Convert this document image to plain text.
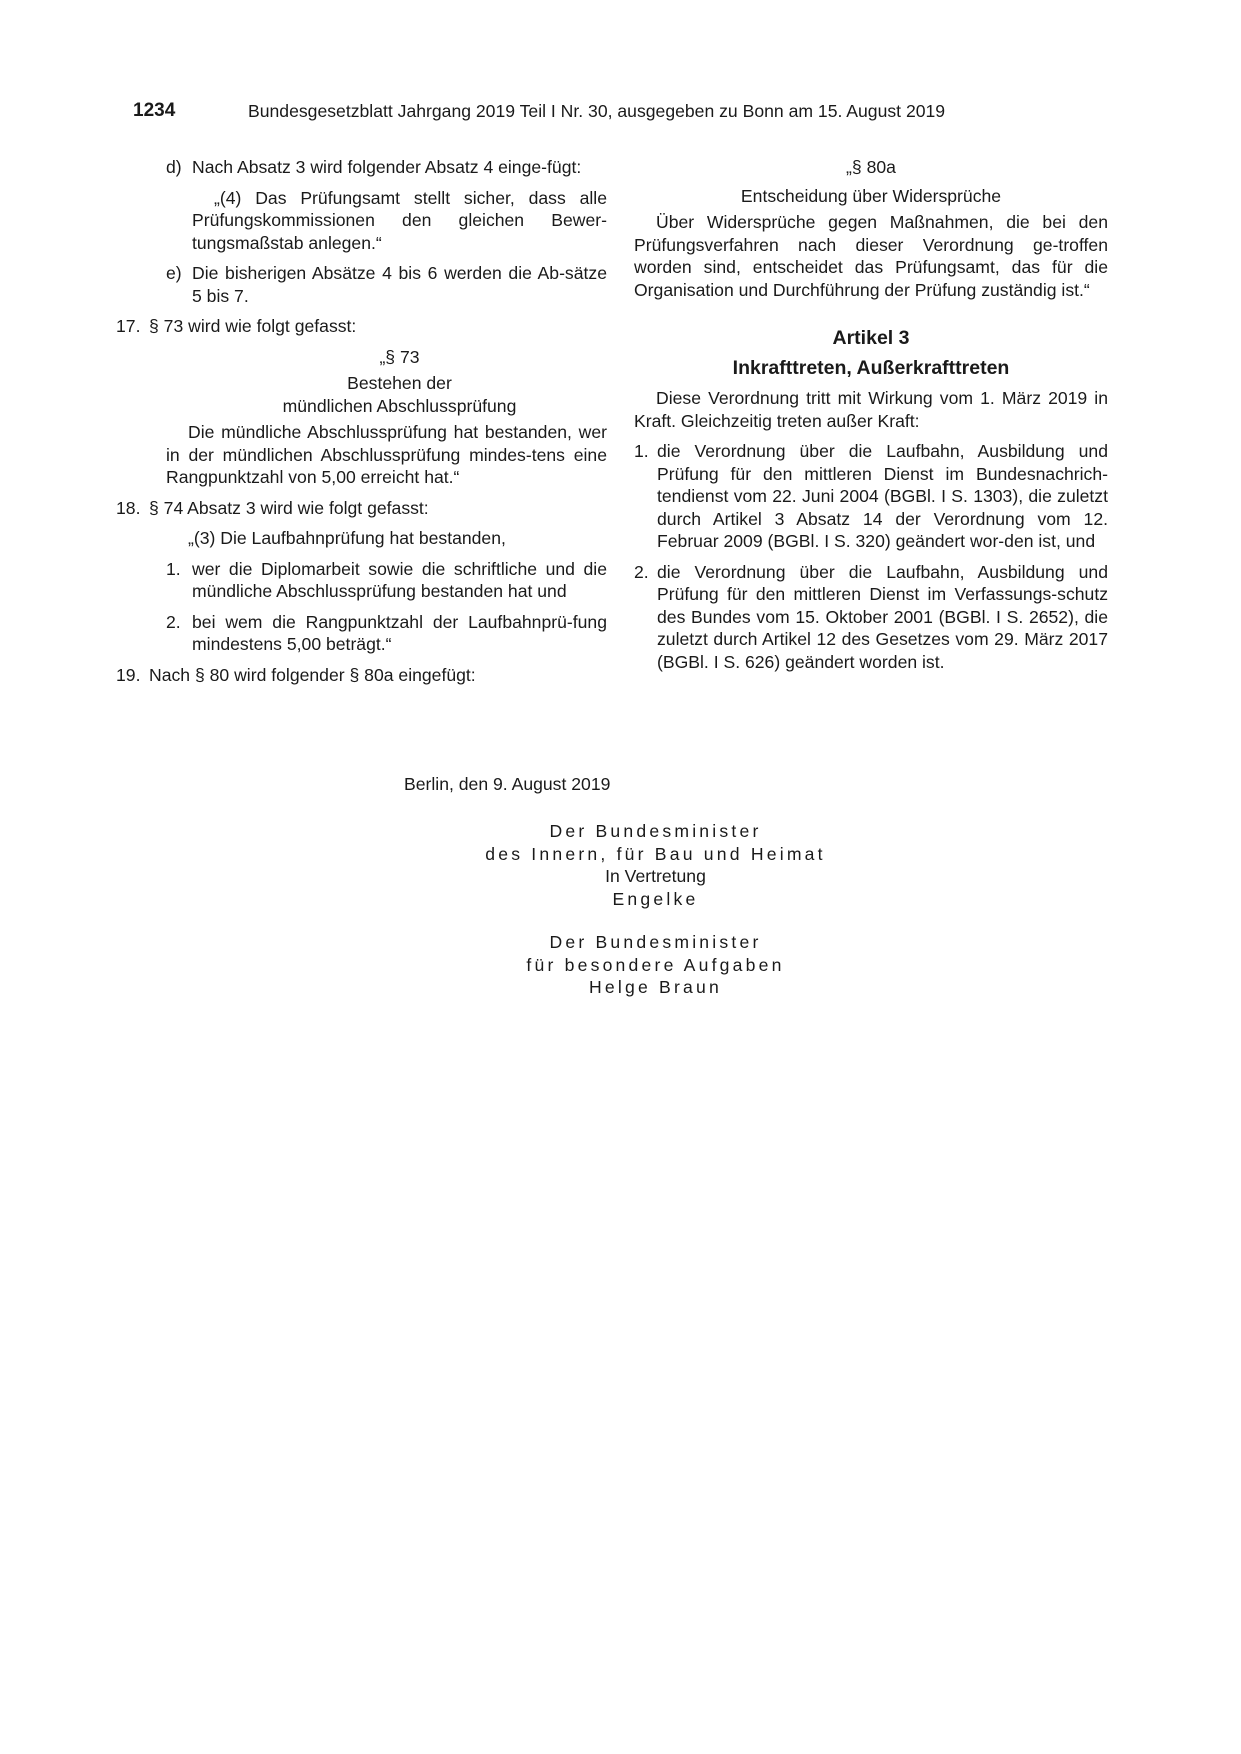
1234	Bundesgesetzblatt Jahrgang 2019 Teil I Nr. 30, ausgegeben zu Bonn am 15. August 2019
d) Nach Absatz 3 wird folgender Absatz 4 einge-fügt:
„(4) Das Prüfungsamt stellt sicher, dass alle Prüfungskommissionen den gleichen Bewer-tungsmaßstab anlegen.“
e) Die bisherigen Absätze 4 bis 6 werden die Ab-sätze 5 bis 7.
17. § 73 wird wie folgt gefasst:
„§ 73
Bestehen der
mündlichen Abschlussprüfung
Die mündliche Abschlussprüfung hat bestanden, wer in der mündlichen Abschlussprüfung mindes-tens eine Rangpunktzahl von 5,00 erreicht hat.“
18. § 74 Absatz 3 wird wie folgt gefasst:
„(3) Die Laufbahnprüfung hat bestanden,
1. wer die Diplomarbeit sowie die schriftliche und die mündliche Abschlussprüfung bestanden hat und
2. bei wem die Rangpunktzahl der Laufbahnprü-fung mindestens 5,00 beträgt.“
19. Nach § 80 wird folgender § 80a eingefügt:
„§ 80a
Entscheidung über Widersprüche
Über Widersprüche gegen Maßnahmen, die bei den Prüfungsverfahren nach dieser Verordnung ge-troffen worden sind, entscheidet das Prüfungsamt, das für die Organisation und Durchführung der Prüfung zuständig ist.“
Artikel 3
Inkrafttreten, Außerkrafttreten
Diese Verordnung tritt mit Wirkung vom 1. März 2019 in Kraft. Gleichzeitig treten außer Kraft:
1. die Verordnung über die Laufbahn, Ausbildung und Prüfung für den mittleren Dienst im Bundesnachrich-tendienst vom 22. Juni 2004 (BGBl. I S. 1303), die zuletzt durch Artikel 3 Absatz 14 der Verordnung vom 12. Februar 2009 (BGBl. I S. 320) geändert wor-den ist, und
2. die Verordnung über die Laufbahn, Ausbildung und Prüfung für den mittleren Dienst im Verfassungs-schutz des Bundes vom 15. Oktober 2001 (BGBl. I S. 2652), die zuletzt durch Artikel 12 des Gesetzes vom 29. März 2017 (BGBl. I S. 626) geändert worden ist.
Berlin, den 9. August 2019
Der Bundesminister
des Innern, für Bau und Heimat
In Vertretung
Engelke
Der Bundesminister
für besondere Aufgaben
Helge Braun
